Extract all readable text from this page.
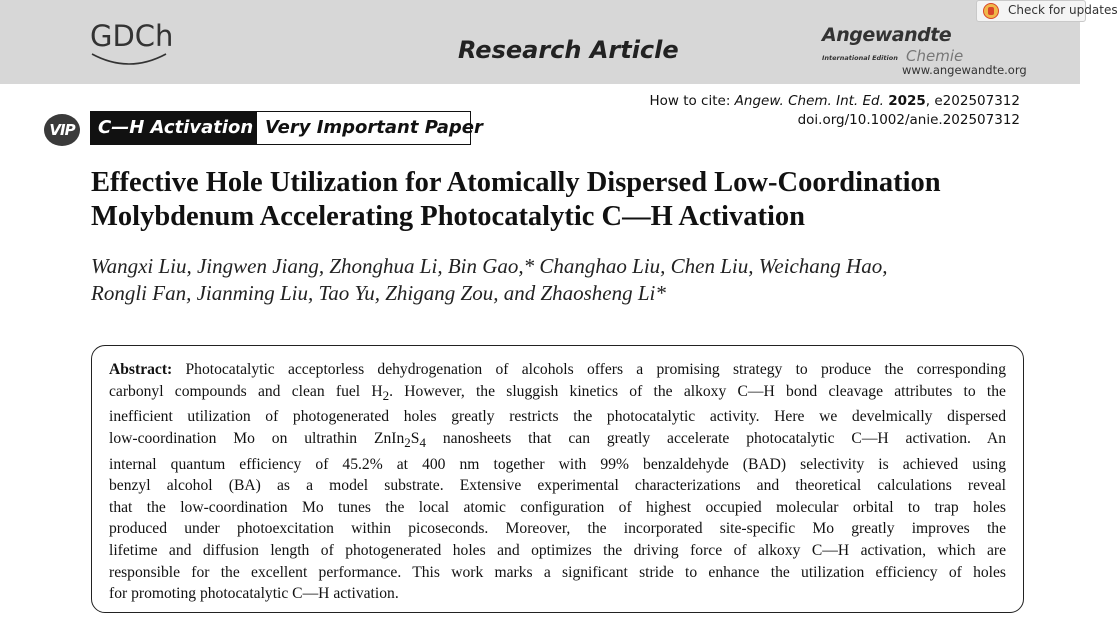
GDCh	Research Article
Angewandte
International Edition Chemie
www.angewandte.org
Check for updates
How to cite: Angew. Chem. Int. Ed. 2025, e202507312
doi.org/10.1002/anie.202507312
VIP	C—H Activation Very Important Paper
Effective Hole Utilization for Atomically Dispersed Low-Coordination
Molybdenum Accelerating Photocatalytic C—H Activation
Wangxi Liu, Jingwen Jiang, Zhonghua Li, Bin Gao,* Changhao Liu, Chen Liu, Weichang Hao,
Rongli Fan, Jianming Liu, Tao Yu, Zhigang Zou, and Zhaosheng Li*
Abstract: Photocatalytic acceptorless dehydrogenation of alcohols offers a promising strategy to produce the corresponding
carbonyl compounds and clean fuel $H_2$. However, the sluggish kinetics of the alkoxy C—H bond cleavage attributes to the
inefficient utilization of photogenerated holes greatly restricts the photocatalytic activity. Here we develmically dispersed
low-coordination Mo on ultrathin $ZnIn_2S_4$ nanosheets that can greatly accelerate photocatalytic C—H activation. An
internal quantum efficiency of 45.2% at 400 nm together with 99% benzaldehyde (BAD) selectivity is achieved using
benzyl alcohol (BA) as a model substrate. Extensive experimental characterizations and theoretical calculations reveal
that the low-coordination Mo tunes the local atomic configuration of highest occupied molecular orbital to trap holes
produced under photoexcitation within picoseconds. Moreover, the incorporated site-specific Mo greatly improves the
lifetime and diffusion length of photogenerated holes and optimizes the driving force of alkoxy C—H activation, which are
responsible for the excellent performance. This work marks a significant stride to enhance the utilization efficiency of holes
for promoting photocatalytic C—H activation.
